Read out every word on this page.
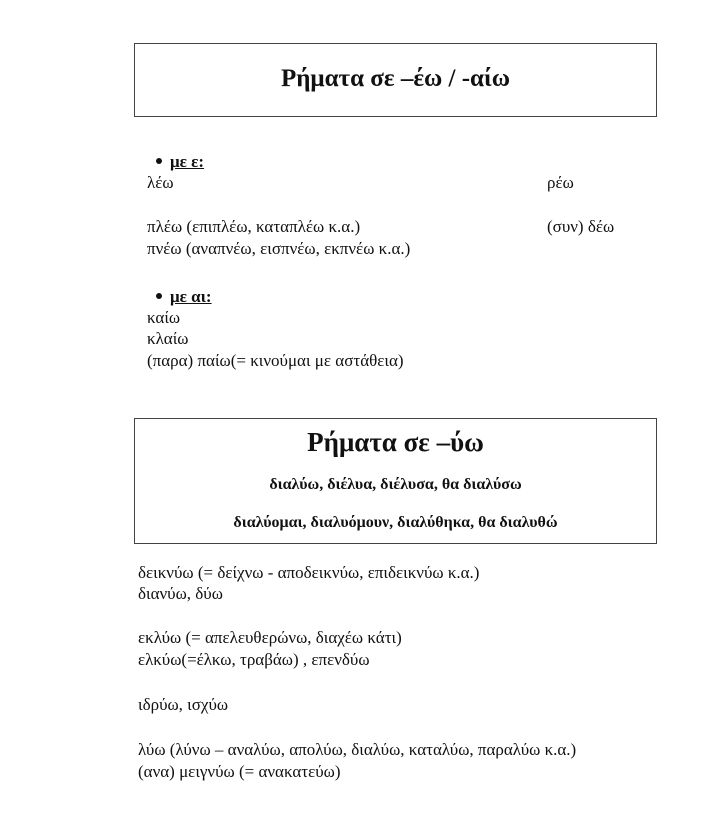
Ρήματα σε –έω / -αίω
με ε:
λέω	ρέω
πλέω (επιπλέω, καταπλέω κ.α.)	(συν) δέω
πνέω (αναπνέω, εισπνέω, εκπνέω κ.α.)
με αι:
καίω
κλαίω
(παρα) παίω(= κινούμαι με αστάθεια)
Ρήματα σε –ύω
διαλύω, διέλυα, διέλυσα, θα διαλύσω
διαλύομαι, διαλυόμουν, διαλύθηκα, θα διαλυθώ
δεικνύω (= δείχνω - αποδεικνύω, επιδεικνύω κ.α.)
διανύω, δύω
εκλύω (= απελευθερώνω, διαχέω κάτι)
ελκύω(=έλκω, τραβάω) , επενδύω
ιδρύω, ισχύω
λύω (λύνω – αναλύω, απολύω, διαλύω, καταλύω, παραλύω κ.α.)
(ανα) μειγνύω (= ανακατεύω)
